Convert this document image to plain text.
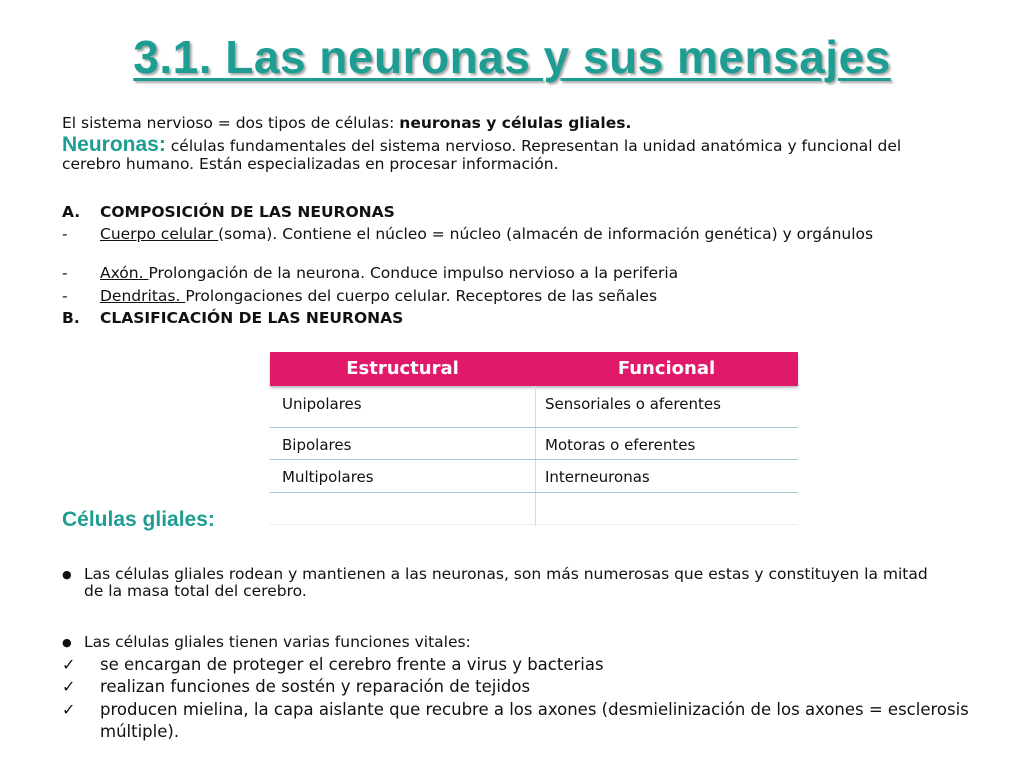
3.1. Las neuronas y sus mensajes
El sistema nervioso = dos tipos de células: neuronas y células gliales.
Neuronas: células fundamentales del sistema nervioso. Representan la unidad anatómica y funcional del cerebro humano. Están especializadas en procesar información.
A.	COMPOSICIÓN DE LAS NEURONAS
-	Cuerpo celular (soma). Contiene el núcleo = núcleo (almacén de información genética) y orgánulos
-	Axón. Prolongación de la neurona. Conduce impulso nervioso a la periferia
-	Dendritas. Prolongaciones del cuerpo celular. Receptores de las señales
B.	CLASIFICACIÓN DE LAS NEURONAS
Estructural	Funcional
Unipolares	Sensoriales o aferentes
Bipolares	Motoras o eferentes
Multipolares	Interneuronas
Células gliales:
● Las células gliales rodean y mantienen a las neuronas, son más numerosas que estas y constituyen la mitad de la masa total del cerebro.
● Las células gliales tienen varias funciones vitales:
✓ se encargan de proteger el cerebro frente a virus y bacterias
✓ realizan funciones de sostén y reparación de tejidos
✓ producen mielina, la capa aislante que recubre a los axones (desmielinización de los axones = esclerosis múltiple).
